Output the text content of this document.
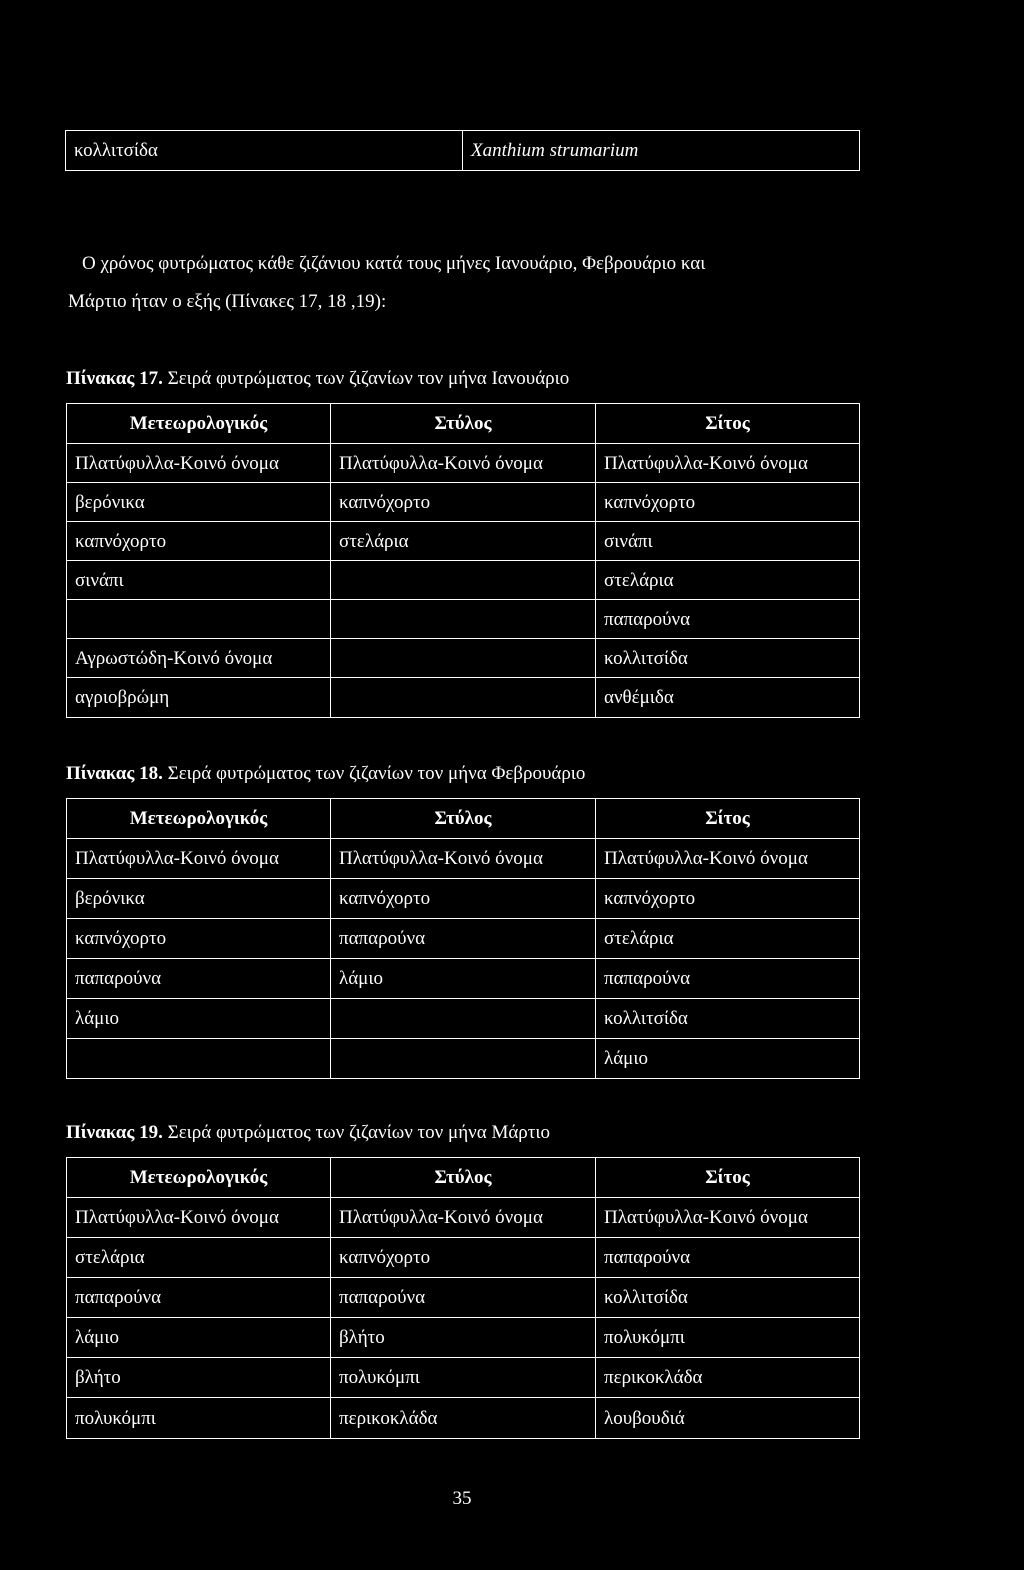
κολλιτσίδα	Xanthium strumarium
Ο χρόνος φυτρώματος κάθε ζιζάνιου κατά τους μήνες Ιανουάριο, Φεβρουάριο και
Μάρτιο ήταν ο εξής (Πίνακες 17, 18 ,19):
Πίνακας 17. Σειρά φυτρώματος των ζιζανίων τον μήνα Ιανουάριο
Μετεωρολογικός	Στύλος	Σίτος
Πλατύφυλλα-Κοινό όνομα	Πλατύφυλλα-Κοινό όνομα	Πλατύφυλλα-Κοινό όνομα
βερόνικα	καπνόχορτο	καπνόχορτο
καπνόχορτο	στελάρια	σινάπι
σινάπι		στελάρια
		παπαρούνα
Αγρωστώδη-Κοινό όνομα		κολλιτσίδα
αγριοβρώμη		ανθέμιδα
Πίνακας 18. Σειρά φυτρώματος των ζιζανίων τον μήνα Φεβρουάριο
Μετεωρολογικός	Στύλος	Σίτος
Πλατύφυλλα-Κοινό όνομα	Πλατύφυλλα-Κοινό όνομα	Πλατύφυλλα-Κοινό όνομα
βερόνικα	καπνόχορτο	καπνόχορτο
καπνόχορτο	παπαρούνα	στελάρια
παπαρούνα	λάμιο	παπαρούνα
λάμιο		κολλιτσίδα
		λάμιο
Πίνακας 19. Σειρά φυτρώματος των ζιζανίων τον μήνα Μάρτιο
Μετεωρολογικός	Στύλος	Σίτος
Πλατύφυλλα-Κοινό όνομα	Πλατύφυλλα-Κοινό όνομα	Πλατύφυλλα-Κοινό όνομα
στελάρια	καπνόχορτο	παπαρούνα
παπαρούνα	παπαρούνα	κολλιτσίδα
λάμιο	βλήτο	πολυκόμπι
βλήτο	πολυκόμπι	περικοκλάδα
πολυκόμπι	περικοκλάδα	λουβουδιά
35
